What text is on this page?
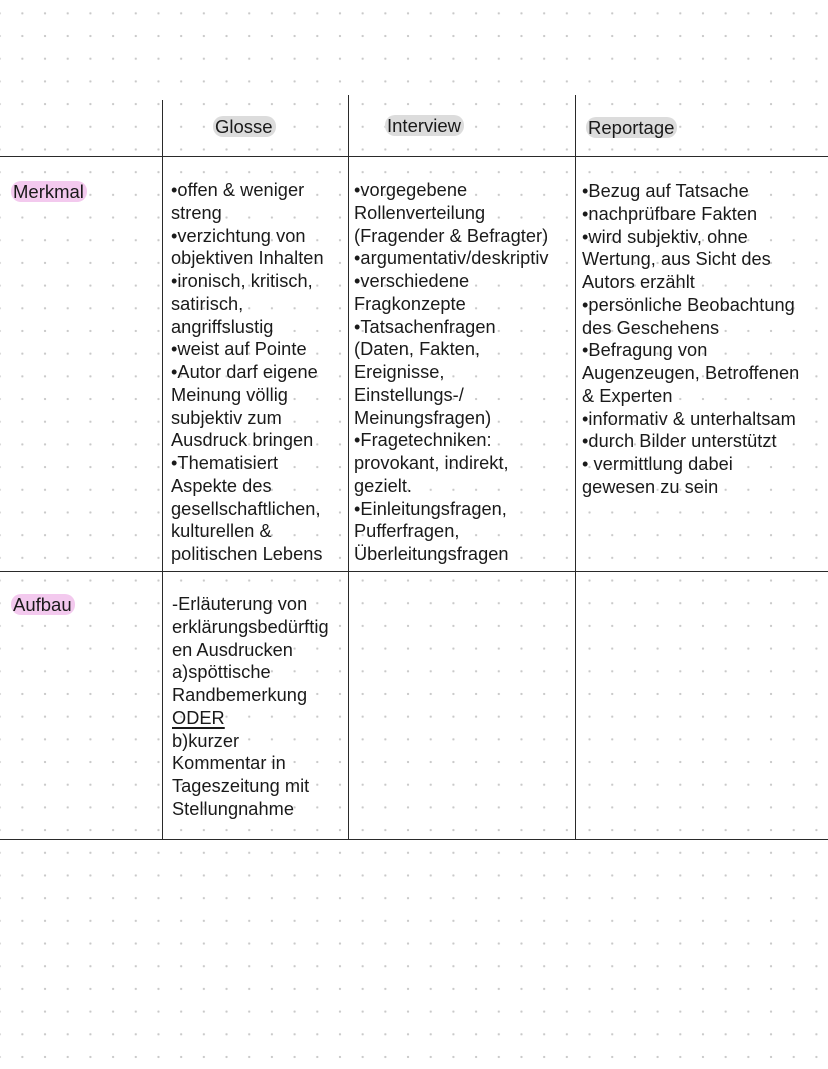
Glosse	Interview	Reportage
Merkmal
Aufbau
•offen & weniger
streng
•verzichtung von
objektiven Inhalten
•ironisch, kritisch,
satirisch,
angriffslustig
•weist auf Pointe
•Autor darf eigene
Meinung völlig
subjektiv zum
Ausdruck bringen
•Thematisiert
Aspekte des
gesellschaftlichen,
kulturellen &
politischen Lebens
•vorgegebene
Rollenverteilung
(Fragender & Befragter)
•argumentativ/deskriptiv
•verschiedene
Fragkonzepte
•Tatsachenfragen
(Daten, Fakten,
Ereignisse,
Einstellungs-/
Meinungsfragen)
•Fragetechniken:
provokant, indirekt,
gezielt.
•Einleitungsfragen,
Pufferfragen,
Überleitungsfragen
•Bezug auf Tatsache
•nachprüfbare Fakten
•wird subjektiv, ohne
Wertung, aus Sicht des
Autors erzählt
•persönliche Beobachtung
des Geschehens
•Befragung von
Augenzeugen, Betroffenen
& Experten
•informativ & unterhaltsam
•durch Bilder unterstützt
• vermittlung dabei
gewesen zu sein
-Erläuterung von
erklärungsbedürftig
en Ausdrucken
a)spöttische
Randbemerkung
ODER
b)kurzer
Kommentar in
Tageszeitung mit
Stellungnahme
